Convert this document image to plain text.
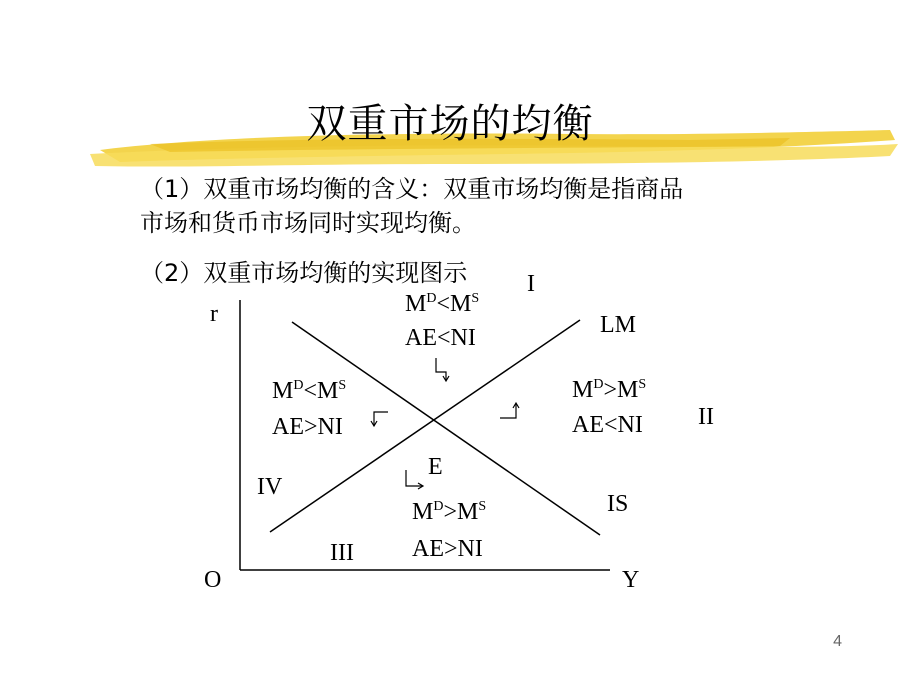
双重市场的均衡
（1）双重市场均衡的含义：双重市场均衡是指商品
市场和货币市场同时实现均衡。
（2）双重市场均衡的实现图示
r
Y
O
LM
IS
E
I
$M^D<M^S$
AE<NI
II
$M^D>M^S$
AE<NI
III
$M^D>M^S$
AE>NI
IV
$M^D<M^S$
AE>NI
4
